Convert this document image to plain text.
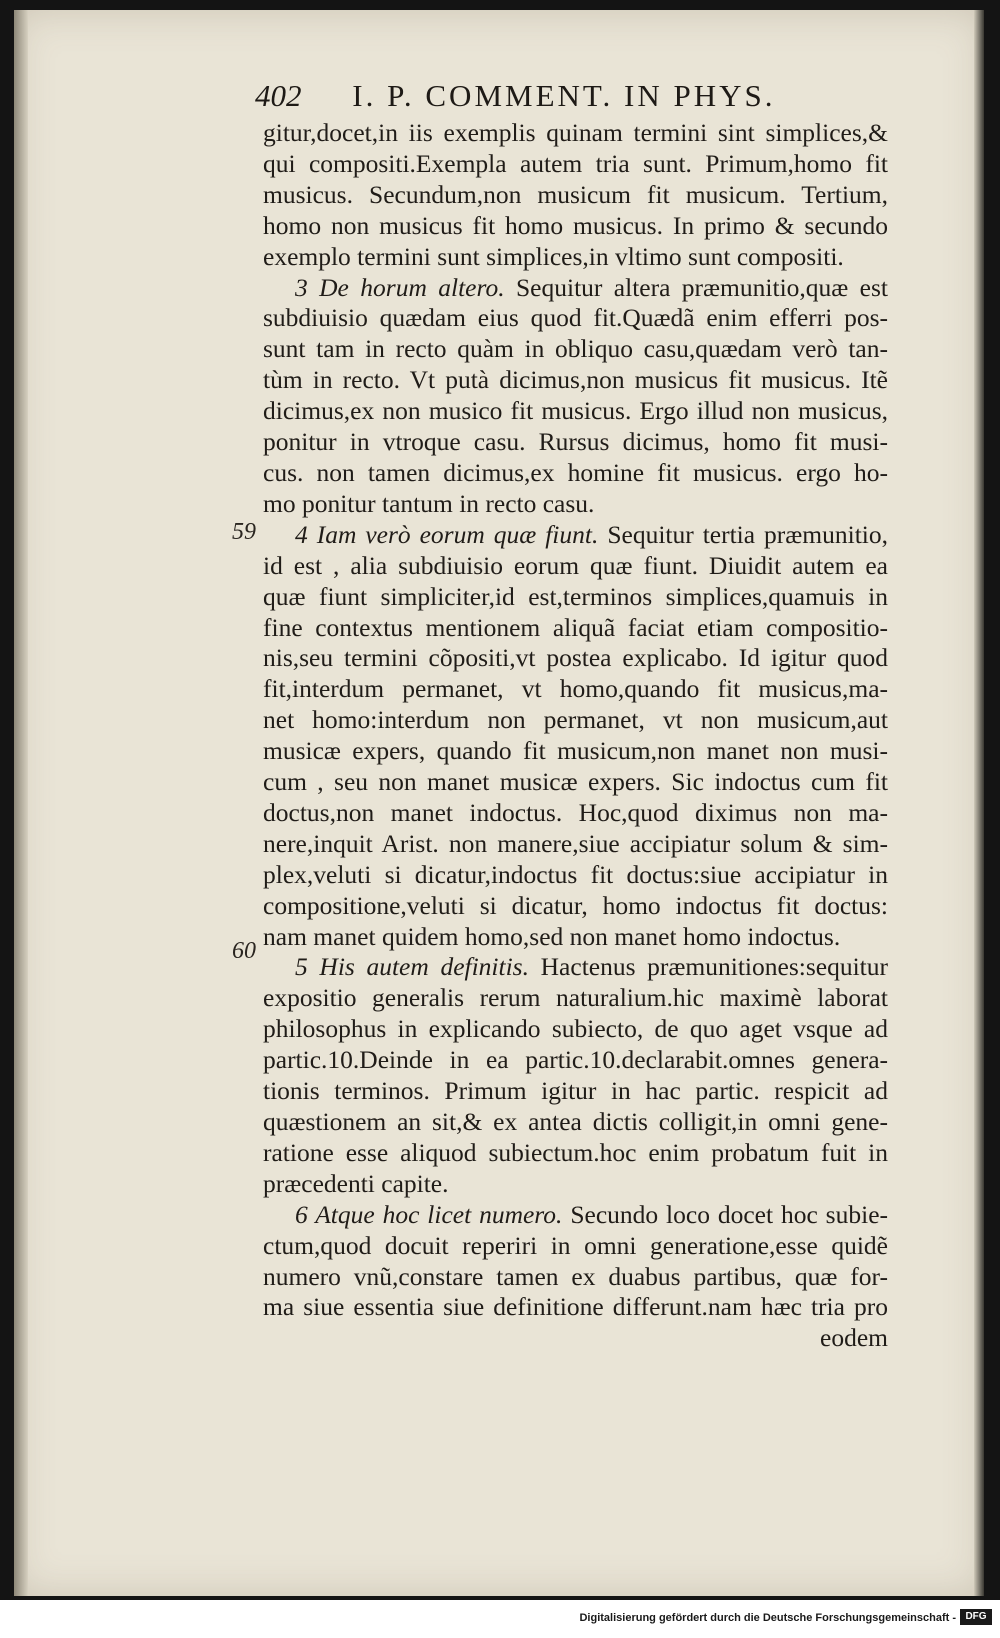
402 I. P. COMMENT. IN PHYS.
59
60
gitur,docet,in iis exemplis quinam termini sint simplices,&
qui compositi.Exempla autem tria sunt. Primum,homo fit
musicus. Secundum,non musicum fit musicum. Tertium,
homo non musicus fit homo musicus. In primo & secundo
exemplo termini sunt simplices,in vltimo sunt compositi.
3 De horum altero. Sequitur altera præmunitio,quæ est
subdiuisio quædam eius quod fit.Quædã enim efferri pos-
sunt tam in recto quàm in obliquo casu,quædam verò tan-
tùm in recto. Vt putà dicimus,non musicus fit musicus. Itẽ
dicimus,ex non musico fit musicus. Ergo illud non musicus,
ponitur in vtroque casu. Rursus dicimus, homo fit musi-
cus. non tamen dicimus,ex homine fit musicus. ergo ho-
mo ponitur tantum in recto casu.
4 Iam verò eorum quæ fiunt. Sequitur tertia præmunitio,
id est , alia subdiuisio eorum quæ fiunt. Diuidit autem ea
quæ fiunt simpliciter,id est,terminos simplices,quamuis in
fine contextus mentionem aliquã faciat etiam compositio-
nis,seu termini cõpositi,vt postea explicabo. Id igitur quod
fit,interdum permanet, vt homo,quando fit musicus,ma-
net homo:interdum non permanet, vt non musicum,aut
musicæ expers, quando fit musicum,non manet non musi-
cum , seu non manet musicæ expers. Sic indoctus cum fit
doctus,non manet indoctus. Hoc,quod diximus non ma-
nere,inquit Arist. non manere,siue accipiatur solum & sim-
plex,veluti si dicatur,indoctus fit doctus:siue accipiatur in
compositione,veluti si dicatur, homo indoctus fit doctus:
nam manet quidem homo,sed non manet homo indoctus.
5 His autem definitis. Hactenus præmunitiones:sequitur
expositio generalis rerum naturalium.hic maximè laborat
philosophus in explicando subiecto, de quo aget vsque ad
partic.10.Deinde in ea partic.10.declarabit.omnes genera-
tionis terminos. Primum igitur in hac partic. respicit ad
quæstionem an sit,& ex antea dictis colligit,in omni gene-
ratione esse aliquod subiectum.hoc enim probatum fuit in
præcedenti capite.
6 Atque hoc licet numero. Secundo loco docet hoc subie-
ctum,quod docuit reperiri in omni generatione,esse quidẽ
numero vnũ,constare tamen ex duabus partibus, quæ for-
ma siue essentia siue definitione differunt.nam hæc tria pro
eodem
Digitalisierung gefördert durch die Deutsche Forschungsgemeinschaft - DFG
